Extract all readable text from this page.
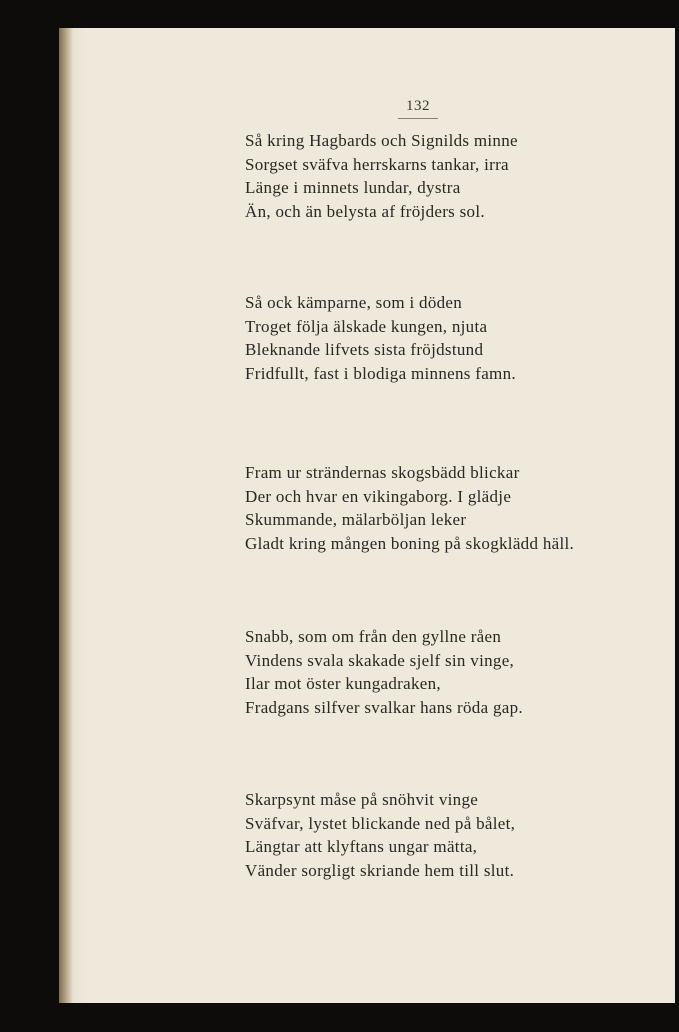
132
Så kring Hagbards och Signilds minne
Sorgset sväfva herrskarns tankar, irra
Länge i minnets lundar, dystra
Än, och än belysta af fröjders sol.
Så ock kämparne, som i döden
Troget följa älskade kungen, njuta
Bleknande lifvets sista fröjdstund
Fridfullt, fast i blodiga minnens famn.
Fram ur strändernas skogsbädd blickar
Der och hvar en vikingaborg. I glädje
Skummande, mälarböljan leker
Gladt kring mången boning på skogklädd häll.
Snabb, som om från den gyllne råen
Vindens svala skakade sjelf sin vinge,
Ilar mot öster kungadraken,
Fradgans silfver svalkar hans röda gap.
Skarpsynt måse på snöhvit vinge
Sväfvar, lystet blickande ned på bålet,
Längtar att klyftans ungar mätta,
Vänder sorgligt skriande hem till slut.
